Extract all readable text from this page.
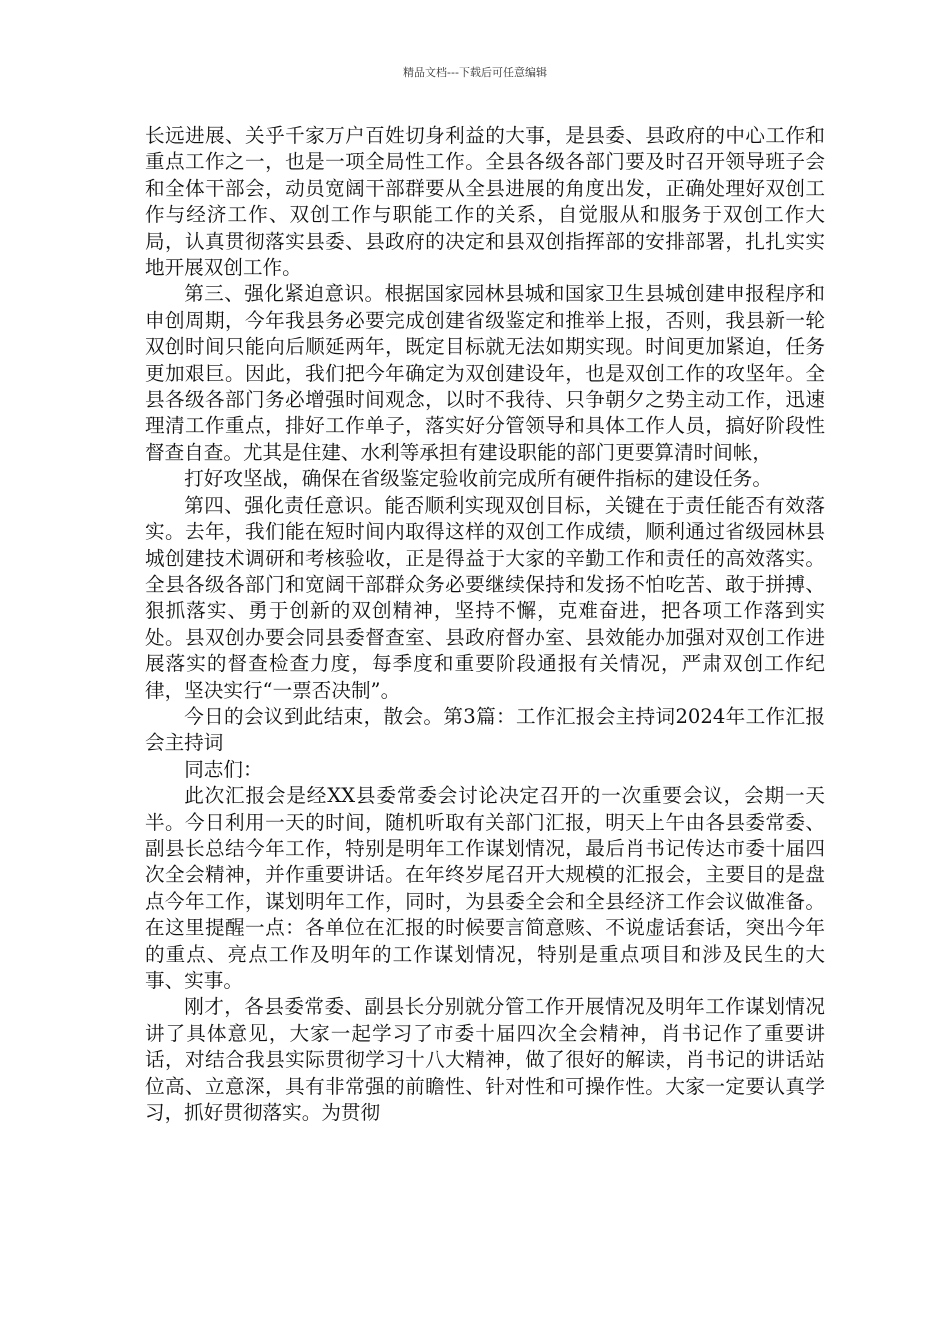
精品文档---下载后可任意编辑

长远进展、关乎千家万户百姓切身利益的大事，是县委、县政府的中心工作和重点工作之一，也是一项全局性工作。全县各级各部门要及时召开领导班子会和全体干部会，动员宽阔干部群要从全县进展的角度出发，正确处理好双创工作与经济工作、双创工作与职能工作的关系，自觉服从和服务于双创工作大局，认真贯彻落实县委、县政府的决定和县双创指挥部的安排部署，扎扎实实地开展双创工作。

第三、强化紧迫意识。根据国家园林县城和国家卫生县城创建申报程序和申创周期，今年我县务必要完成创建省级鉴定和推举上报，否则，我县新一轮双创时间只能向后顺延两年，既定目标就无法如期实现。时间更加紧迫，任务更加艰巨。因此，我们把今年确定为双创建设年，也是双创工作的攻坚年。全县各级各部门务必增强时间观念，以时不我待、只争朝夕之势主动工作，迅速理清工作重点，排好工作单子，落实好分管领导和具体工作人员，搞好阶段性督查自查。尤其是住建、水利等承担有建设职能的部门更要算清时间帐，

打好攻坚战，确保在省级鉴定验收前完成所有硬件指标的建设任务。

第四、强化责任意识。能否顺利实现双创目标，关键在于责任能否有效落实。去年，我们能在短时间内取得这样的双创工作成绩，顺利通过省级园林县城创建技术调研和考核验收，正是得益于大家的辛勤工作和责任的高效落实。全县各级各部门和宽阔干部群众务必要继续保持和发扬不怕吃苦、敢于拼搏、狠抓落实、勇于创新的双创精神，坚持不懈，克难奋进，把各项工作落到实处。县双创办要会同县委督查室、县政府督办室、县效能办加强对双创工作进展落实的督查检查力度，每季度和重要阶段通报有关情况，严肃双创工作纪律，坚决实行“一票否决制”。

今日的会议到此结束，散会。第3篇：工作汇报会主持词2024年工作汇报会主持词

同志们：

此次汇报会是经XX县委常委会讨论决定召开的一次重要会议，会期一天半。今日利用一天的时间，随机听取有关部门汇报，明天上午由各县委常委、副县长总结今年工作，特别是明年工作谋划情况，最后肖书记传达市委十届四次全会精神，并作重要讲话。在年终岁尾召开大规模的汇报会，主要目的是盘点今年工作，谋划明年工作，同时，为县委全会和全县经济工作会议做准备。在这里提醒一点：各单位在汇报的时候要言简意赅、不说虚话套话，突出今年的重点、亮点工作及明年的工作谋划情况，特别是重点项目和涉及民生的大事、实事。

刚才，各县委常委、副县长分别就分管工作开展情况及明年工作谋划情况讲了具体意见，大家一起学习了市委十届四次全会精神，肖书记作了重要讲话，对结合我县实际贯彻学习十八大精神，做了很好的解读，肖书记的讲话站位高、立意深，具有非常强的前瞻性、针对性和可操作性。大家一定要认真学习，抓好贯彻落实。为贯彻
